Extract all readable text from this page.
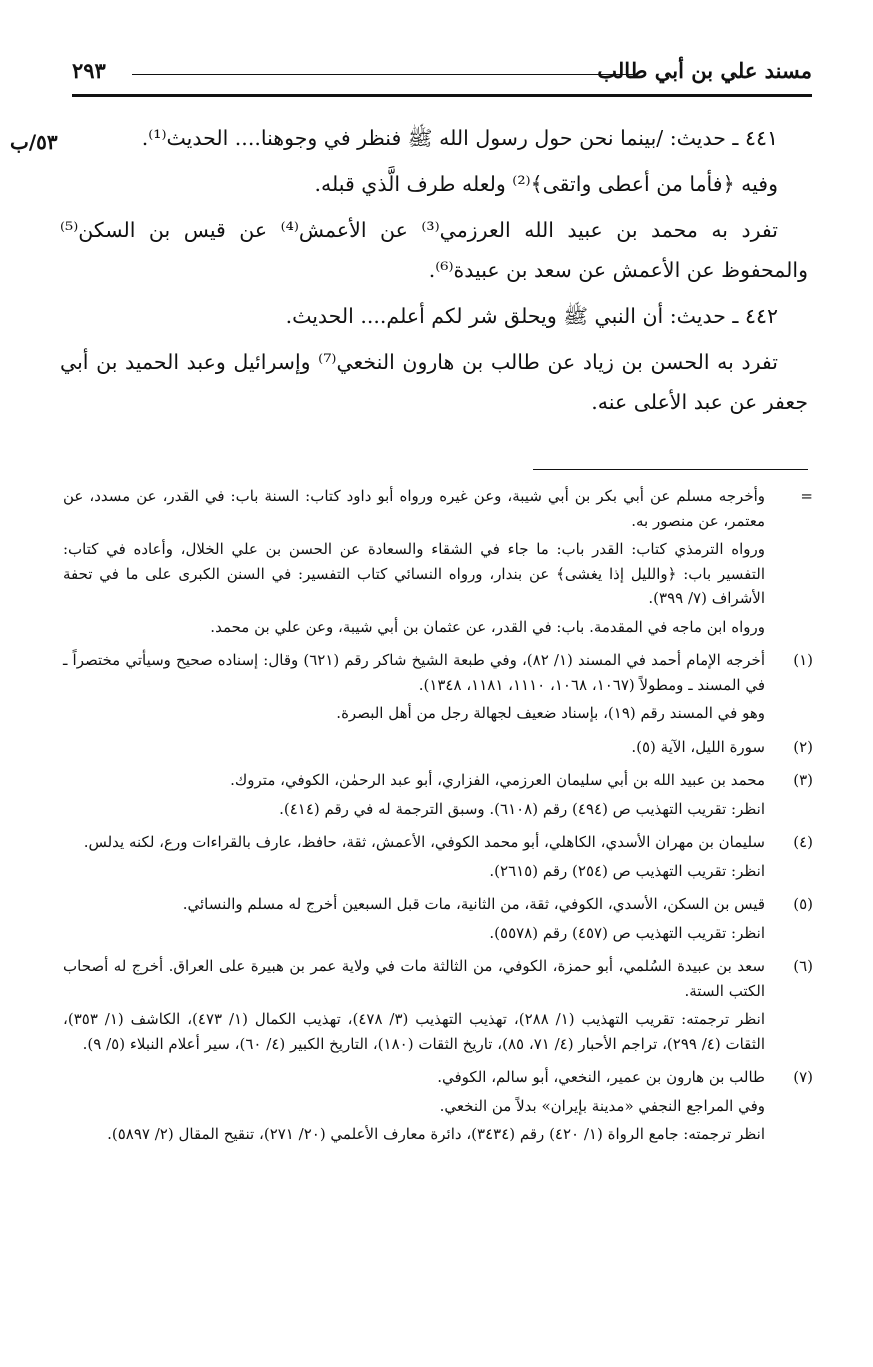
مسند علي بن أبي طالب
٢٩٣
٥٣/ب	٤٤١ ـ حديث: /بينما نحن حول رسول الله ﷺ فنظر في وجوهنا.... الحديث⁽¹⁾.

وفيه ﴿فأما من أعطى واتقى﴾⁽²⁾ ولعله طرف الَّذي قبله.

تفرد به محمد بن عبيد الله العرزمي⁽³⁾ عن الأعمش⁽⁴⁾ عن قيس بن السكن⁽⁵⁾ والمحفوظ عن الأعمش عن سعد بن عبيدة⁽⁶⁾.

٤٤٢ ـ حديث: أن النبي ﷺ ويحلق شر لكم أعلم.... الحديث.

تفرد به الحسن بن زياد عن طالب بن هارون النخعي⁽⁷⁾ وإسرائيل وعبد الحميد بن أبي جعفر عن عبد الأعلى عنه.

=

وأخرجه مسلم عن أبي بكر بن أبي شيبة، وعن غيره ورواه أبو داود كتاب: السنة باب: في القدر، عن مسدد، عن معتمر، عن منصور به.

ورواه الترمذي كتاب: القدر باب: ما جاء في الشقاء والسعادة عن الحسن بن علي الخلال، وأعاده في كتاب: التفسير باب: ﴿والليل إذا يغشى﴾ عن بندار، ورواه النسائي كتاب التفسير: في السنن الكبرى على ما في تحفة الأشراف (٧/ ٣٩٩).

ورواه ابن ماجه في المقدمة. باب: في القدر، عن عثمان بن أبي شيبة، وعن علي بن محمد.

(١)

أخرجه الإمام أحمد في المسند (١/ ٨٢)، وفي طبعة الشيخ شاكر رقم (٦٢١) وقال: إسناده صحيح وسيأتي مختصراً ـ في المسند ـ ومطولاً (١٠٦٧، ١٠٦٨، ١١١٠، ١١٨١، ١٣٤٨).

وهو في المسند رقم (١٩)، بإسناد ضعيف لجهالة رجل من أهل البصرة.

(٢)

سورة الليل، الآية (٥).

(٣)

محمد بن عبيد الله بن أبي سليمان العرزمي، الفزاري، أبو عبد الرحمٰن، الكوفي، متروك.

انظر: تقريب التهذيب ص (٤٩٤) رقم (٦١٠٨). وسبق الترجمة له في رقم (٤١٤).

(٤)

سليمان بن مهران الأسدي، الكاهلي، أبو محمد الكوفي، الأعمش، ثقة، حافظ، عارف بالقراءات ورع، لكنه يدلس.

انظر: تقريب التهذيب ص (٢٥٤) رقم (٢٦١٥).

(٥)

قيس بن السكن، الأسدي، الكوفي، ثقة، من الثانية، مات قبل السبعين أخرج له مسلم والنسائي.

انظر: تقريب التهذيب ص (٤٥٧) رقم (٥٥٧٨).

(٦)

سعد بن عبيدة السُلمي، أبو حمزة، الكوفي، من الثالثة مات في ولاية عمر بن هبيرة على العراق. أخرج له أصحاب الكتب الستة.

انظر ترجمته: تقريب التهذيب (١/ ٢٨٨)، تهذيب التهذيب (٣/ ٤٧٨)، تهذيب الكمال (١/ ٤٧٣)، الكاشف (١/ ٣٥٣)، الثقات (٤/ ٢٩٩)، تراجم الأحبار (٤/ ٧١، ٨٥)، تاريخ الثقات (١٨٠)، التاريخ الكبير (٤/ ٦٠)، سير أعلام النبلاء (٥/ ٩).

(٧)

طالب بن هارون بن عمير، النخعي، أبو سالم، الكوفي.

وفي المراجع النجفي «مدينة بإيران» بدلاً من النخعي.

انظر ترجمته: جامع الرواة (١/ ٤٢٠) رقم (٣٤٣٤)، دائرة معارف الأعلمي (٢٠/ ٢٧١)، تنقيح المقال (٢/ ٥٨٩٧).
